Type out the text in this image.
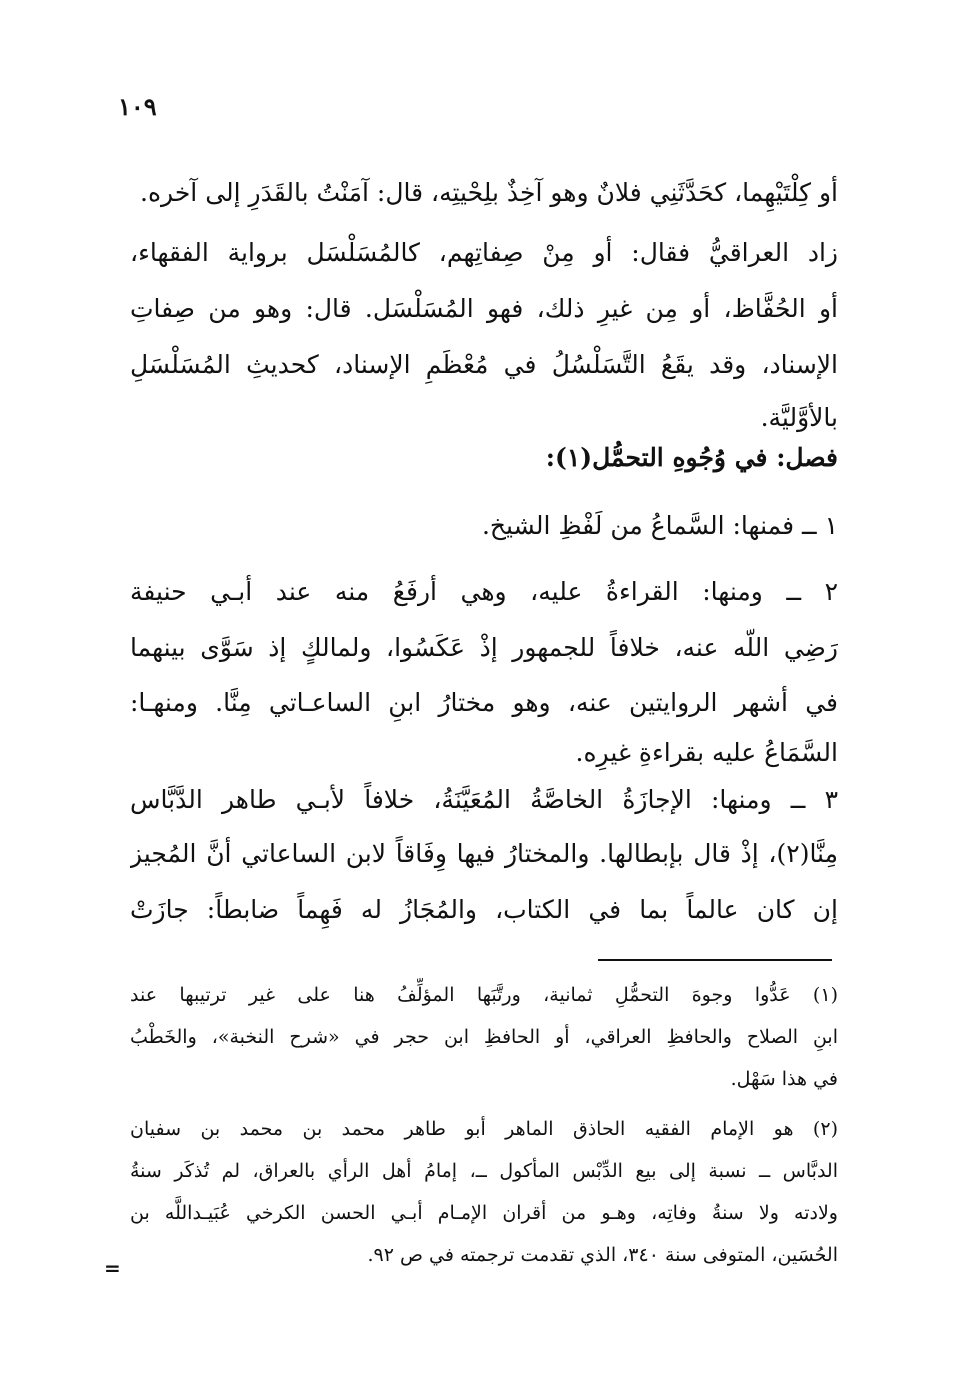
١٠٩
أو كِلْتَيْهِما، كحَدَّثَنِي فلانٌ وهو آخِذٌ بلِحْيتِه، قال: آمَنْتُ بالقَدَرِ إلى آخره.
زاد العراقيُّ فقال: أو مِنْ صِفاتِهم، كالمُسَلْسَل برواية الفقهاء،
أو الحُفَّاظ، أو مِن غيرِ ذلك، فهو المُسَلْسَل. قال: وهو من صِفاتِ
الإسناد، وقد يقَعُ التَّسَلْسُلُ في مُعْظَمِ الإسناد، كحديثِ المُسَلْسَلِ
بالأوَّليَّة.
فصل: في وُجُوهِ التحمُّل(١):
١ ــ فمنها: السَّماعُ من لَفْظِ الشيخ.
٢ ــ ومنها: القراءةُ عليه، وهي أرفَعُ منه عند أبـي حنيفة
رَضِي اللَّه عنه، خلافاً للجمهور إذْ عَكَسُوا، ولمالكٍ إذ سَوَّى بينهما
في أشهر الروايتين عنه، وهو مختارُ ابنِ الساعـاتي مِنَّا. ومنهـا:
السَّمَاعُ عليه بقراءةِ غيرِه.
٣ ــ ومنها: الإجازَةُ الخاصَّةُ المُعَيَّنَةُ، خلافاً لأبـي طاهر الدَّبَّاس
مِنَّا(٢)، إذْ قال بإبطالها. والمختارُ فيها وِفَاقاً لابن الساعاتي أنَّ المُجيز
إن كان عالماً بما في الكتاب، والمُجَازُ له فَهِماً ضابطاً: جازَتْ
(١) عَدُّوا وجوهَ التحمُّلِ ثمانية، ورتَّبَها المؤلِّفُ هنا على غير ترتيبها عند
ابنِ الصلاح والحافظِ العراقي، أو الحافظِ ابن حجر في «شرح النخبة»، والخَطْبُ
في هذا سَهْل.
(٢) هو الإمام الفقيه الحاذق الماهر أبو طاهر محمد بن محمد بن سفيان
الدبَّاس ــ نسبة إلى بيع الدِّبْس المأكول ــ، إمامُ أهل الرأي بالعراق، لم تُذكَر سنةُ
ولادته ولا سنةُ وفاتِه، وهـو من أقران الإمـام أبـي الحسن الكرخي عُبَيـداللَّه بن
الحُسَين، المتوفى سنة ٣٤٠، الذي تقدمت ترجمته في ص ٩٢.
=
